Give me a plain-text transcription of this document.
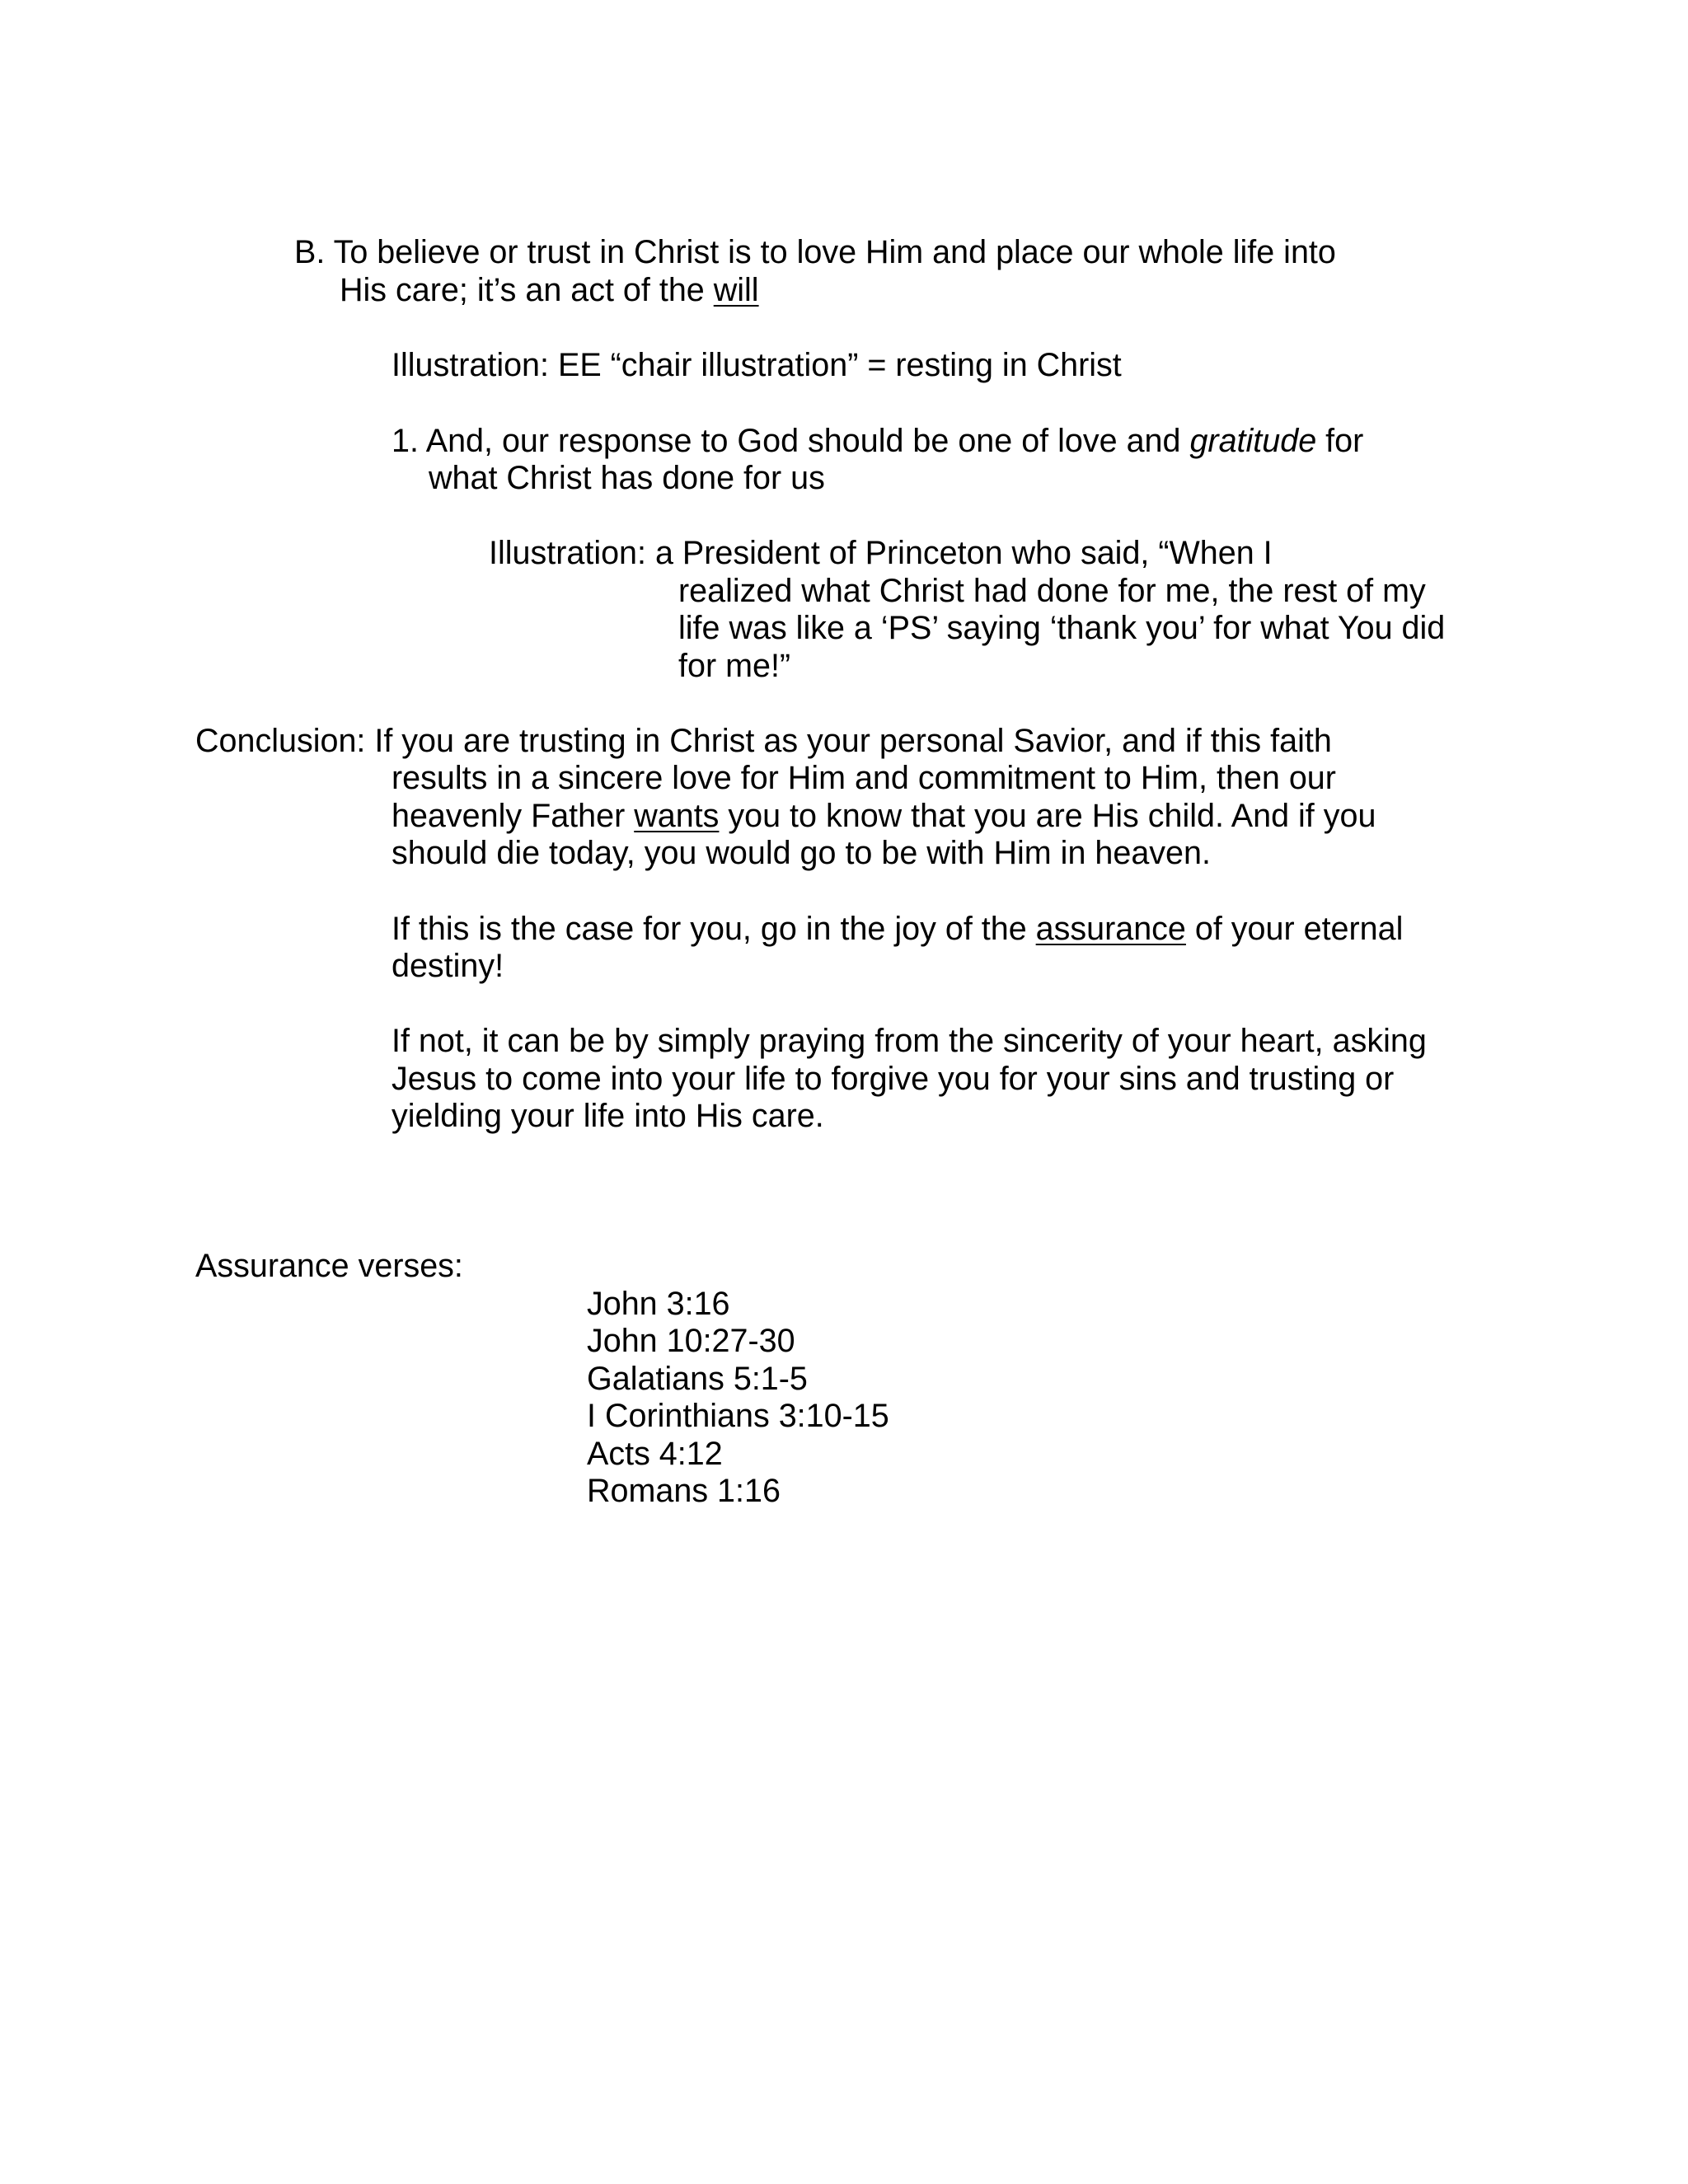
B. To believe or trust in Christ is to love Him and place our whole life into
His care; it’s an act of the will
Illustration: EE “chair illustration” = resting in Christ
1. And, our response to God should be one of love and gratitude for
what Christ has done for us
Illustration: a President of Princeton who said, “When I
realized what Christ had done for me, the rest of my
life was like a ‘PS’ saying ‘thank you’ for what You did
for me!”
Conclusion: If you are trusting in Christ as your personal Savior, and if this faith
results in a sincere love for Him and commitment to Him, then our
heavenly Father wants you to know that you are His child. And if you
should die today, you would go to be with Him in heaven.
If this is the case for you, go in the joy of the assurance of your eternal
destiny!
If not, it can be by simply praying from the sincerity of your heart, asking
Jesus to come into your life to forgive you for your sins and trusting or
yielding your life into His care.
Assurance verses:
John 3:16
John 10:27-30
Galatians 5:1-5
I Corinthians 3:10-15
Acts 4:12
Romans 1:16
